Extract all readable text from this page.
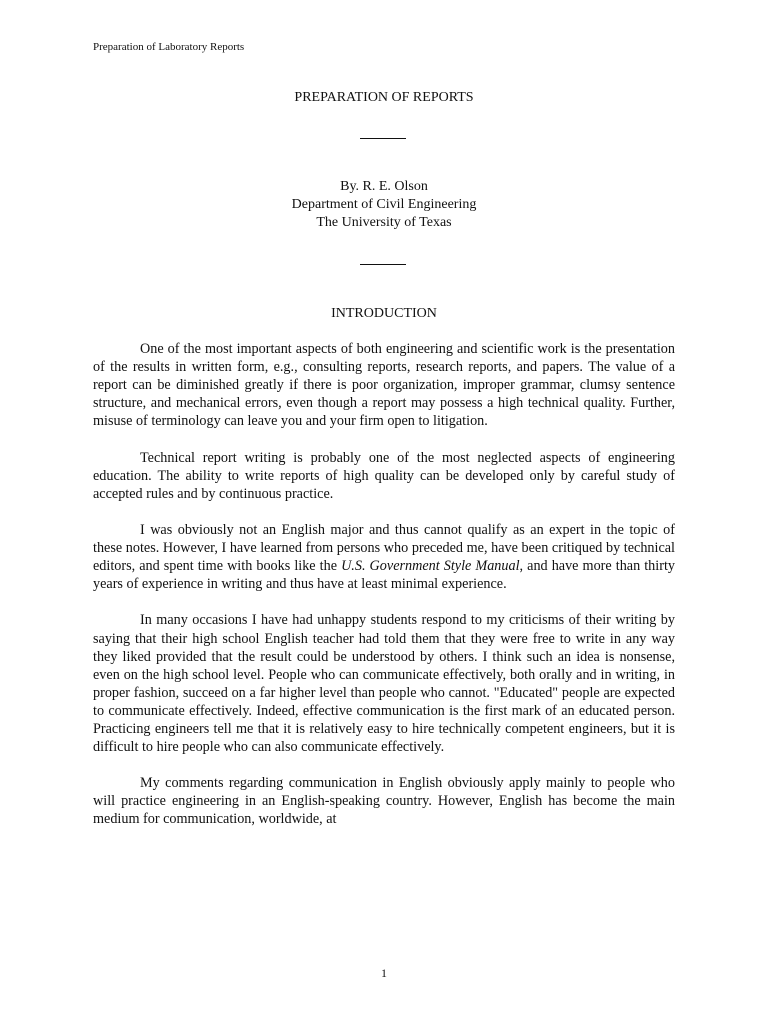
Preparation of Laboratory Reports
PREPARATION OF REPORTS
By. R. E. Olson
Department of Civil Engineering
The University of Texas
INTRODUCTION

One of the most important aspects of both engineering and scientific work is the presentation of the results in written form, e.g., consulting reports, research reports, and papers. The value of a report can be diminished greatly if there is poor organization, improper grammar, clumsy sentence structure, and mechanical errors, even though a report may possess a high technical quality. Further, misuse of terminology can leave you and your firm open to litigation.

Technical report writing is probably one of the most neglected aspects of engineering education. The ability to write reports of high quality can be developed only by careful study of accepted rules and by continuous practice.

I was obviously not an English major and thus cannot qualify as an expert in the topic of these notes. However, I have learned from persons who preceded me, have been critiqued by technical editors, and spent time with books like the U.S. Government Style Manual, and have more than thirty years of experience in writing and thus have at least minimal experience.

In many occasions I have had unhappy students respond to my criticisms of their writing by saying that their high school English teacher had told them that they were free to write in any way they liked provided that the result could be understood by others. I think such an idea is nonsense, even on the high school level. People who can communicate effectively, both orally and in writing, in proper fashion, succeed on a far higher level than people who cannot. "Educated" people are expected to communicate effectively. Indeed, effective communication is the first mark of an educated person. Practicing engineers tell me that it is relatively easy to hire technically competent engineers, but it is difficult to hire people who can also communicate effectively.

My comments regarding communication in English obviously apply mainly to people who will practice engineering in an English-speaking country. However, English has become the main medium for communication, worldwide, at

1
